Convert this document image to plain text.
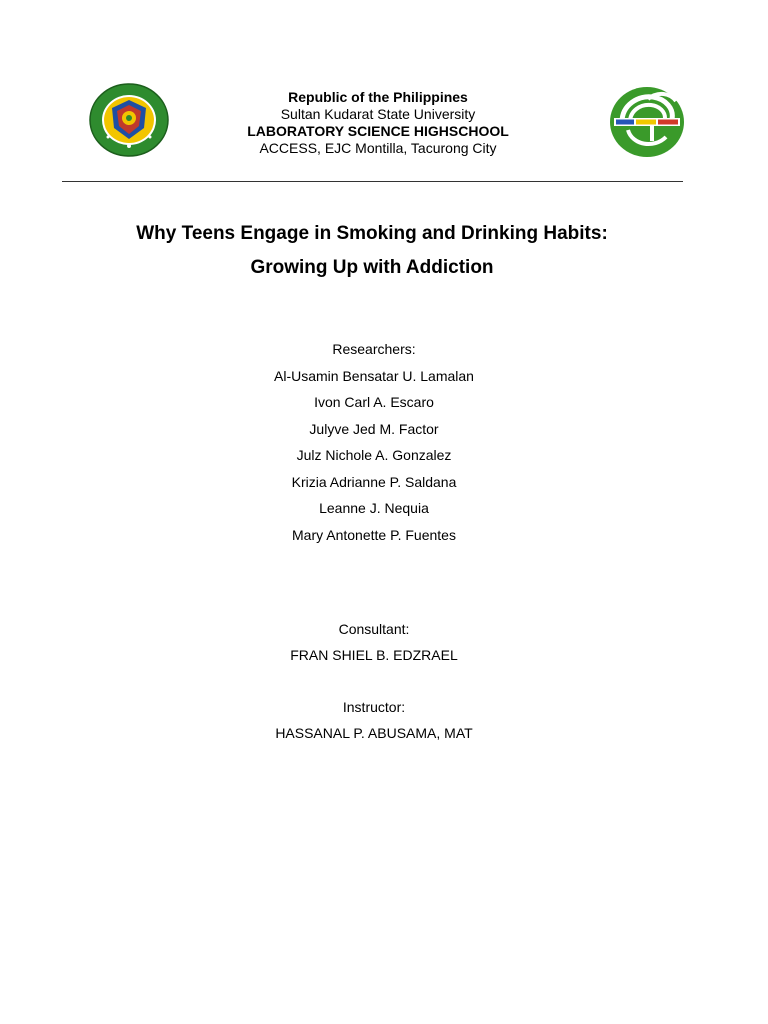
Republic of the Philippines
Sultan Kudarat State University
LABORATORY SCIENCE HIGHSCHOOL
ACCESS, EJC Montilla, Tacurong City
Why Teens Engage in Smoking and Drinking Habits:
Growing Up with Addiction
Researchers:
Al-Usamin Bensatar U. Lamalan
Ivon Carl A. Escaro
Julyve Jed M. Factor
Julz Nichole A. Gonzalez
Krizia Adrianne P. Saldana
Leanne J. Nequia
Mary Antonette P. Fuentes
Consultant:
FRAN SHIEL B. EDZRAEL
Instructor:
HASSANAL P. ABUSAMA, MAT
